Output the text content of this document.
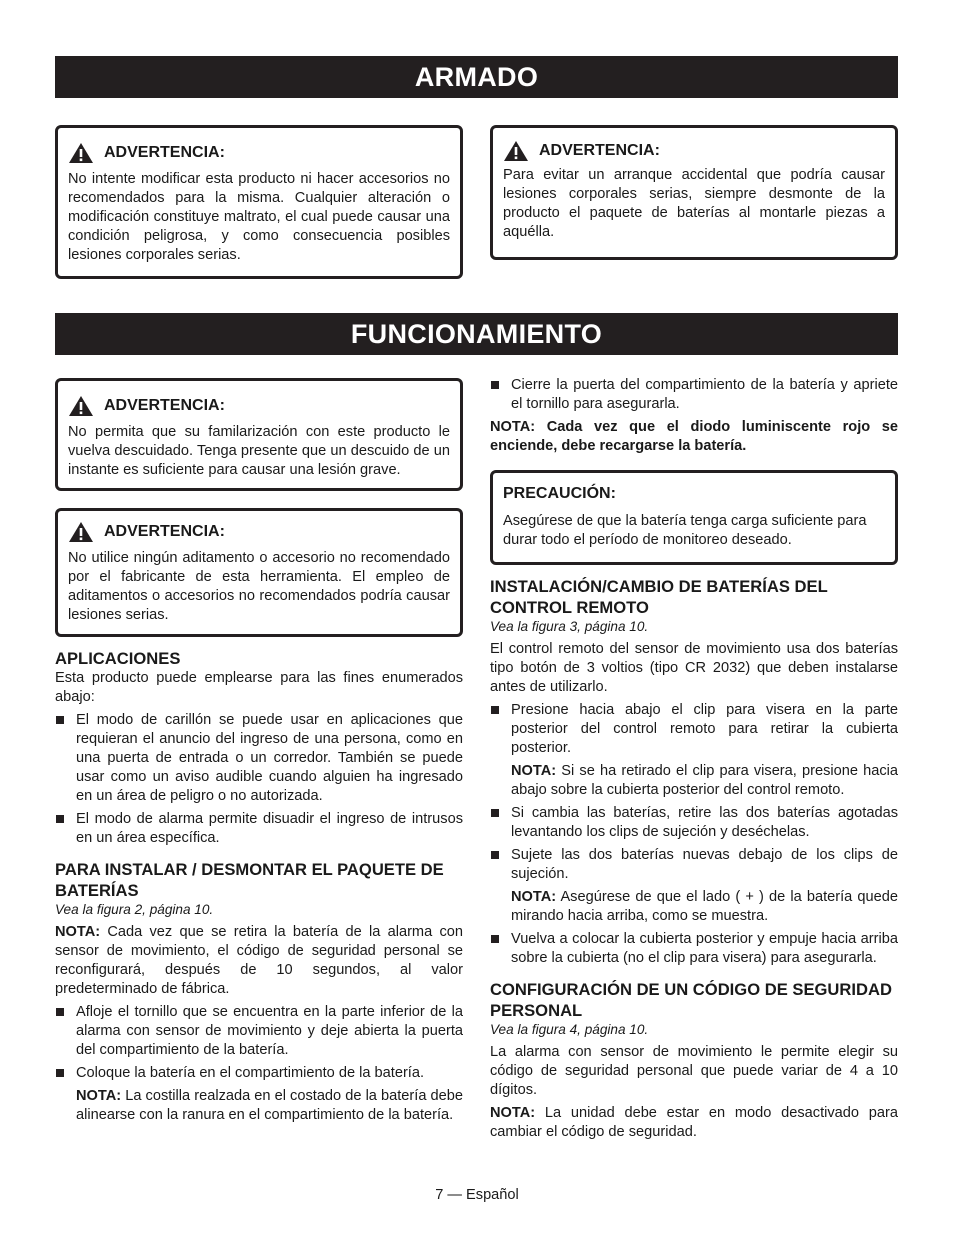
ARMADO
ADVERTENCIA:
No intente modificar esta producto ni hacer accesorios no recomendados para la misma. Cualquier alteración o modificación constituye maltrato, el cual puede causar una condición peligrosa, y como consecuencia posibles lesiones corporales serias.
ADVERTENCIA:
Para evitar un arranque accidental que podría causar lesiones corporales serias, siempre desmonte de la producto el paquete de baterías al montarle piezas a aquélla.
FUNCIONAMIENTO
ADVERTENCIA:
No permita que su familarización con este producto le vuelva descuidado. Tenga presente que un descuido de un instante es suficiente para causar una lesión grave.
ADVERTENCIA:
No utilice ningún aditamento o accesorio no recomendado por el fabricante de esta herramienta. El empleo de aditamentos o accesorios no recomendados podría causar lesiones serias.
APLICACIONES

Esta producto puede emplearse para las fines enumerados abajo:

El modo de carillón se puede usar en aplicaciones que requieran el anuncio del ingreso de una persona, como en una puerta de entrada o un corredor. También se puede usar como un aviso audible cuando alguien ha ingresado en un área de peligro o no autorizada.
El modo de alarma permite disuadir el ingreso de intrusos en un área específica.
PARA INSTALAR / DESMONTAR EL PAQUETE DE BATERÍAS

Vea la figura 2, página 10.

NOTA: Cada vez que se retira la batería de la alarma con sensor de movimiento, el código de seguridad personal se reconfigurará, después de 10 segundos, al valor predeterminado de fábrica.

Afloje el tornillo que se encuentra en la parte inferior de la alarma con sensor de movimiento y deje abierta la puerta del compartimiento de la batería.
Coloque la batería en el compartimiento de la batería.
NOTA: La costilla realzada en el costado de la batería debe alinearse con la ranura en el compartimiento de la batería.
Cierre la puerta del compartimiento de la batería y apriete el tornillo para asegurarla.

NOTA: Cada vez que el diodo luminiscente rojo se enciende, debe recargarse la batería.

PRECAUCIÓN:
Asegúrese de que la batería tenga carga suficiente para durar todo el período de monitoreo deseado.
INSTALACIÓN/CAMBIO DE BATERÍAS DEL CONTROL REMOTO

Vea la figura 3, página 10.

El control remoto del sensor de movimiento usa dos baterías tipo botón de 3 voltios (tipo CR 2032) que deben instalarse antes de utilizarlo.

Presione hacia abajo el clip para visera en la parte posterior del control remoto para retirar la cubierta posterior.
NOTA: Si se ha retirado el clip para visera, presione hacia abajo sobre la cubierta posterior del control remoto.
Si cambia las baterías, retire las dos baterías agotadas levantando los clips de sujeción y deséchelas.
Sujete las dos baterías nuevas debajo de los clips de sujeción.
NOTA: Asegúrese de que el lado ( + ) de la batería quede mirando hacia arriba, como se muestra.
Vuelva a colocar la cubierta posterior y empuje hacia arriba sobre la cubierta (no el clip para visera) para asegurarla.
CONFIGURACIÓN DE UN CÓDIGO DE SEGURIDAD PERSONAL

Vea la figura 4, página 10.

La alarma con sensor de movimiento le permite elegir su código de seguridad personal que puede variar de 4 a 10 dígitos.

NOTA: La unidad debe estar en modo desactivado para cambiar el código de seguridad.

7 — Español
